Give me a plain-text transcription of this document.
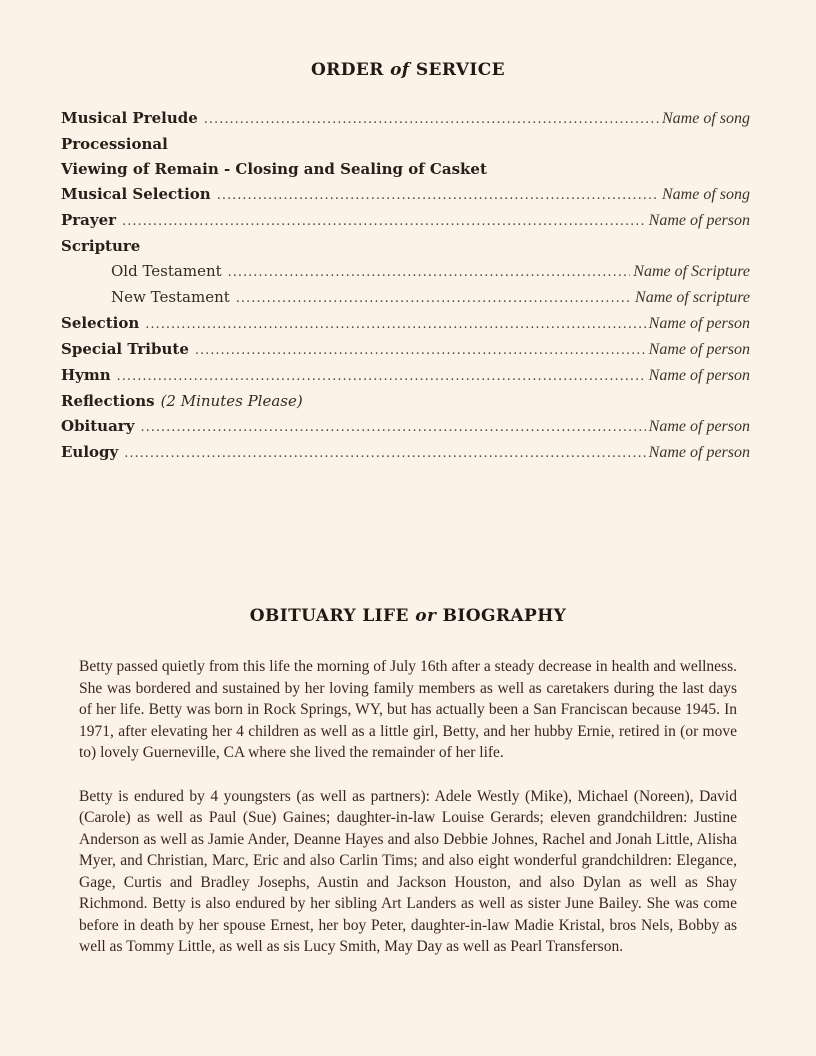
ORDER of SERVICE
Musical Prelude .....	Name of song
Processional
Viewing of Remain - Closing and Sealing of Casket
Musical Selection .....	Name of song
Prayer .....	Name of person
Scripture
Old Testament .....	Name of Scripture
New Testament .....	Name of scripture
Selection .....	Name of person
Special Tribute .....	Name of person
Hymn .....	Name of person
Reflections (2 Minutes Please)
Obituary .....	Name of person
Eulogy .....	Name of person
OBITUARY LIFE or BIOGRAPHY

Betty passed quietly from this life the morning of July 16th after a steady decrease in health and wellness. She was bordered and sustained by her loving family members as well as caretakers during the last days of her life. Betty was born in Rock Springs, WY, but has actually been a San Franciscan because 1945. In 1971, after elevating her 4 children as well as a little girl, Betty, and her hubby Ernie, retired in (or move to) lovely Guerneville, CA where she lived the remainder of her life.

Betty is endured by 4 youngsters (as well as partners): Adele Westly (Mike), Michael (Noreen), David (Carole) as well as Paul (Sue) Gaines; daughter-in-law Louise Gerards; eleven grandchildren: Justine Anderson as well as Jamie Ander, Deanne Hayes and also Debbie Johnes, Rachel and Jonah Little, Alisha Myer, and Christian, Marc, Eric and also Carlin Tims; and also eight wonderful grandchildren: Elegance, Gage, Curtis and Bradley Josephs, Austin and Jackson Houston, and also Dylan as well as Shay Richmond. Betty is also endured by her sibling Art Landers as well as sister June Bailey. She was come before in death by her spouse Ernest, her boy Peter, daughter-in-law Madie Kristal, bros Nels, Bobby as well as Tommy Little, as well as sis Lucy Smith, May Day as well as Pearl Transferson.
